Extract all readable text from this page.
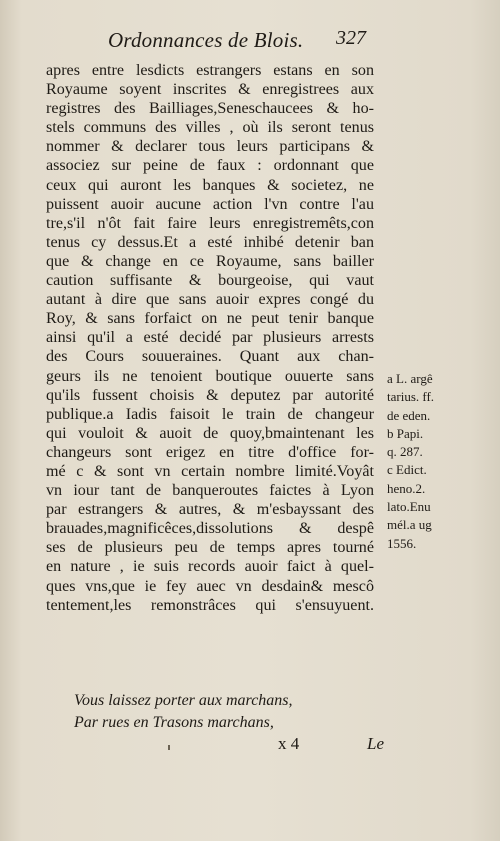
Ordonnances de Blois. 327
apres entre lesdicts estrangers estans en son
Royaume soyent inscrites & enregistrees aux
registres des Bailliages,Seneschaucees & ho-
stels communs des villes , où ils seront tenus
nommer & declarer tous leurs participans &
associez sur peine de faux : ordonnant que
ceux qui auront les banques & societez, ne
puissent auoir aucune action l'vn contre l'au
tre,s'il n'ôt fait faire leurs enregistremêts,con
tenus cy dessus.Et a esté inhibé detenir ban
que & change en ce Royaume, sans bailler
caution suffisante & bourgeoise, qui vaut
autant à dire que sans auoir expres congé du
Roy, & sans forfaict on ne peut tenir banque
ainsi qu'il a esté decidé par plusieurs arrests
des Cours souueraines. Quant aux chan-
geurs ils ne tenoient boutique ouuerte sans
qu'ils fussent choisis & deputez par autorité
publique.a Iadis faisoit le train de changeur
qui vouloit & auoit de quoy,bmaintenant les
changeurs sont erigez en titre d'office for-
mé c & sont vn certain nombre limité.Voyât
vn iour tant de banqueroutes faictes à Lyon
par estrangers & autres, & m'esbayssant des
brauades,magnificêces,dissolutions & despê
ses de plusieurs peu de temps apres tourné
en nature , ie suis records auoir faict à quel-
ques vns,que ie fey auec vn desdain& mescô
tentement,les remonstrâces qui s'ensuyuent.
a L. argê
tarius. ff.
de eden.
b Papi.
q. 287.
c Edict.
heno.2.
lato.Enu
mél.a ug
1556.
Vous laissez porter aux marchans,
Par rues en Trasons marchans,
x 4	Le
